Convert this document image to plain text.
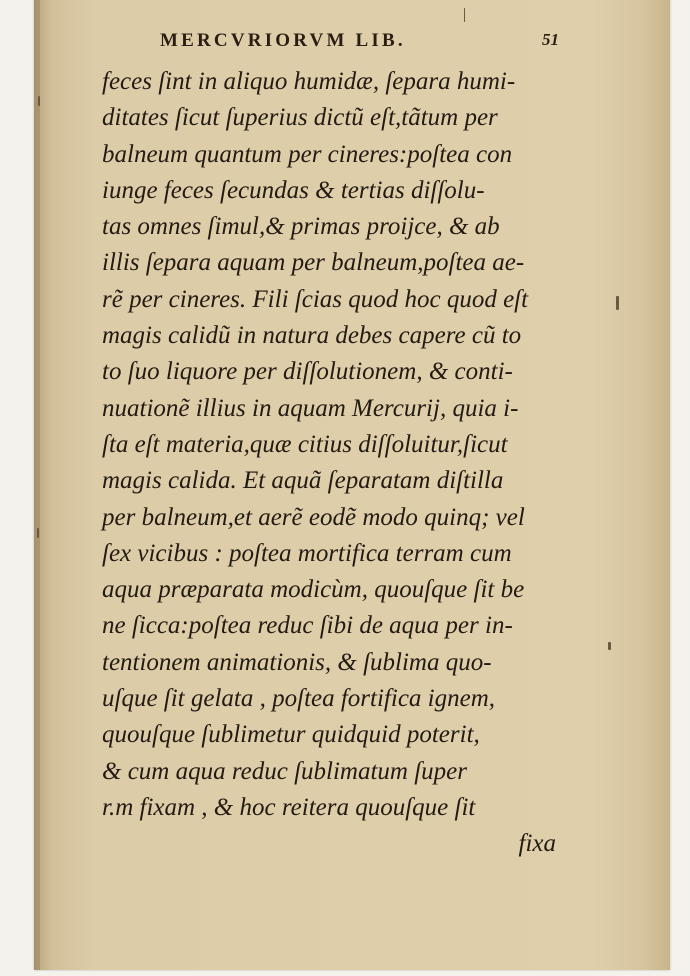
MERCVRIORVM LIB.	51
feces ſint in aliquo humidæ, ſepara humi-
ditates ſicut ſuperius dictũ eſt,tãtum per
balneum quantum per cineres:poſtea con
iunge feces ſecundas & tertias diſſolu-
tas omnes ſimul,& primas proijce, & ab
illis ſepara aquam per balneum,poſtea ae-
rẽ per cineres. Fili ſcias quod hoc quod eſt
magis calidũ in natura debes capere cũ to
to ſuo liquore per diſſolutionem, & conti-
nuationẽ illius in aquam Mercurij, quia i-
ſta eſt materia,quæ citius diſſoluitur,ſicut
magis calida. Et aquã ſeparatam diſtilla
per balneum,et aerẽ eodẽ modo quinq; vel
ſex vicibus : poſtea mortifica terram cum
aqua præparata modicùm, quouſque ſit be
ne ſicca:poſtea reduc ſibi de aqua per in-
tentionem animationis, & ſublima quo-
uſque ſit gelata , poſtea fortifica ignem,
quouſque ſublimetur quidquid poterit,
& cum aqua reduc ſublimatum ſuper
r.m fixam , & hoc reitera quouſque ſit
fixa
